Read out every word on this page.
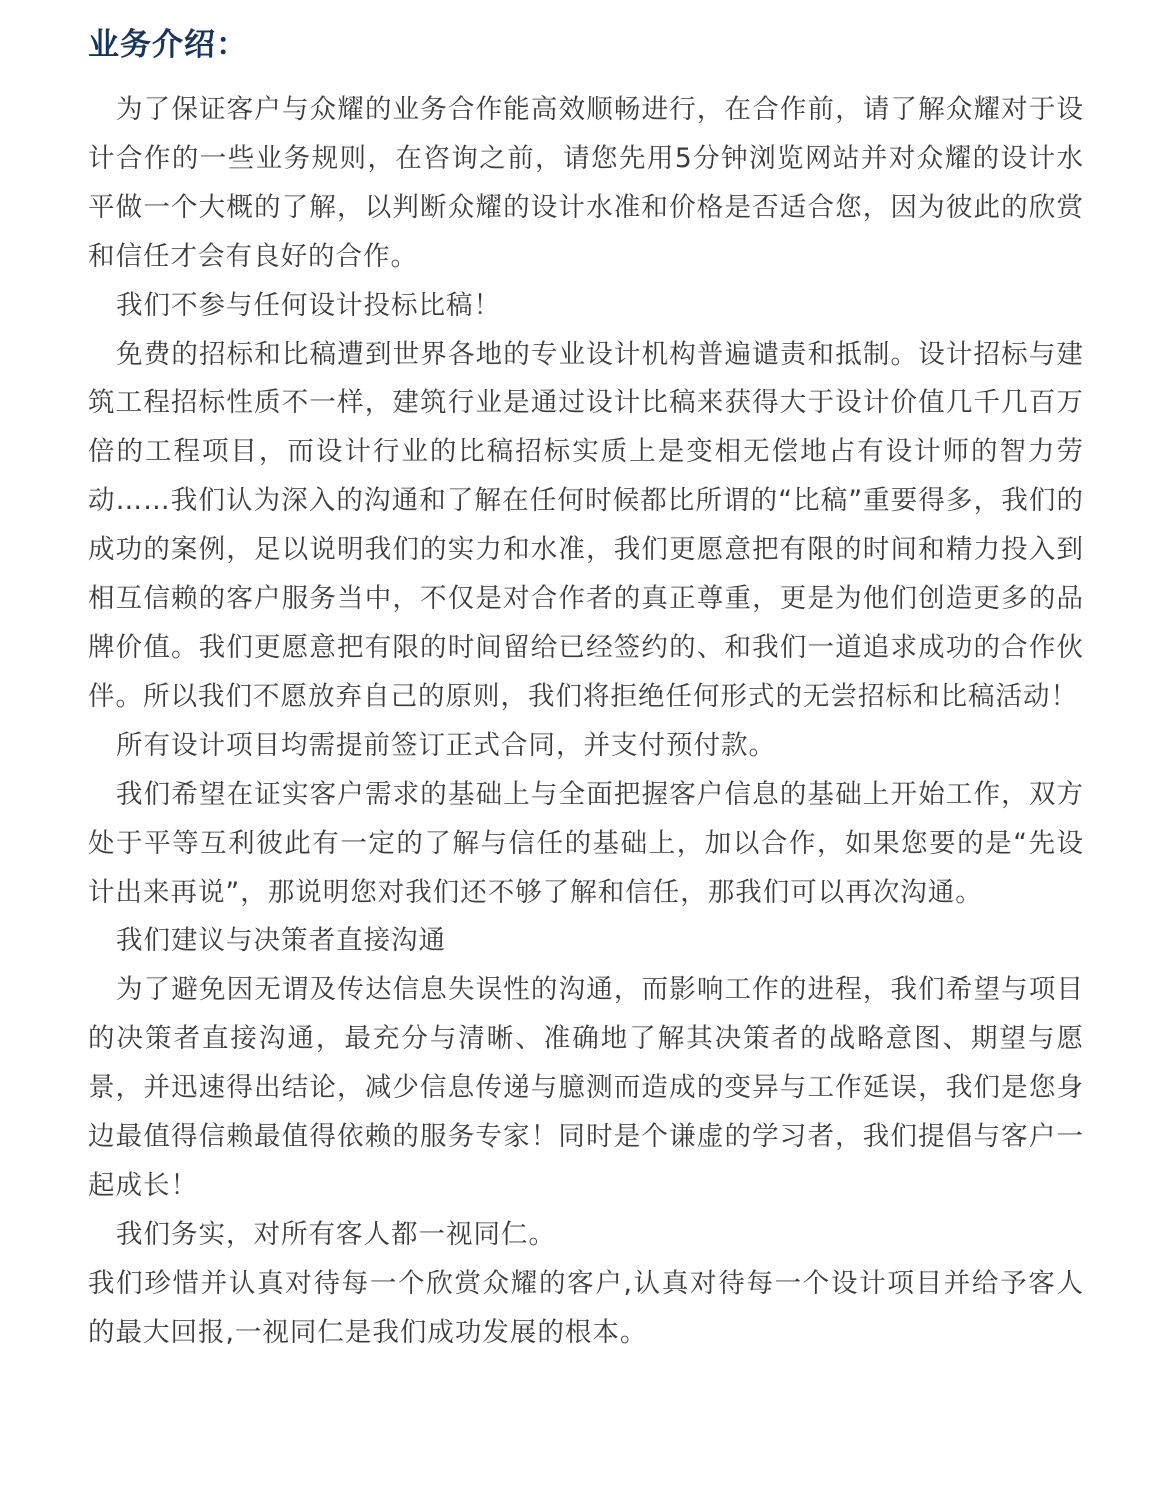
业务介绍：

为了保证客户与众耀的业务合作能高效顺畅进行，在合作前，请了解众耀对于设计合作的一些业务规则，在咨询之前，请您先用5分钟浏览网站并对众耀的设计水平做一个大概的了解，以判断众耀的设计水准和价格是否适合您，因为彼此的欣赏和信任才会有良好的合作。

我们不参与任何设计投标比稿！

免费的招标和比稿遭到世界各地的专业设计机构普遍谴责和抵制。设计招标与建筑工程招标性质不一样，建筑行业是通过设计比稿来获得大于设计价值几千几百万倍的工程项目，而设计行业的比稿招标实质上是变相无偿地占有设计师的智力劳动……我们认为深入的沟通和了解在任何时候都比所谓的“比稿”重要得多，我们的成功的案例，足以说明我们的实力和水准，我们更愿意把有限的时间和精力投入到相互信赖的客户服务当中，不仅是对合作者的真正尊重，更是为他们创造更多的品牌价值。我们更愿意把有限的时间留给已经签约的、和我们一道追求成功的合作伙伴。所以我们不愿放弃自己的原则，我们将拒绝任何形式的无尝招标和比稿活动！

所有设计项目均需提前签订正式合同，并支付预付款。

我们希望在证实客户需求的基础上与全面把握客户信息的基础上开始工作，双方处于平等互利彼此有一定的了解与信任的基础上，加以合作，如果您要的是“先设计出来再说”，那说明您对我们还不够了解和信任，那我们可以再次沟通。

我们建议与决策者直接沟通

为了避免因无谓及传达信息失误性的沟通，而影响工作的进程，我们希望与项目的决策者直接沟通，最充分与清晰、准确地了解其决策者的战略意图、期望与愿景，并迅速得出结论，减少信息传递与臆测而造成的变异与工作延误，我们是您身边最值得信赖最值得依赖的服务专家！同时是个谦虚的学习者，我们提倡与客户一起成长！

我们务实，对所有客人都一视同仁。

我们珍惜并认真对待每一个欣赏众耀的客户,认真对待每一个设计项目并给予客人的最大回报,一视同仁是我们成功发展的根本。
